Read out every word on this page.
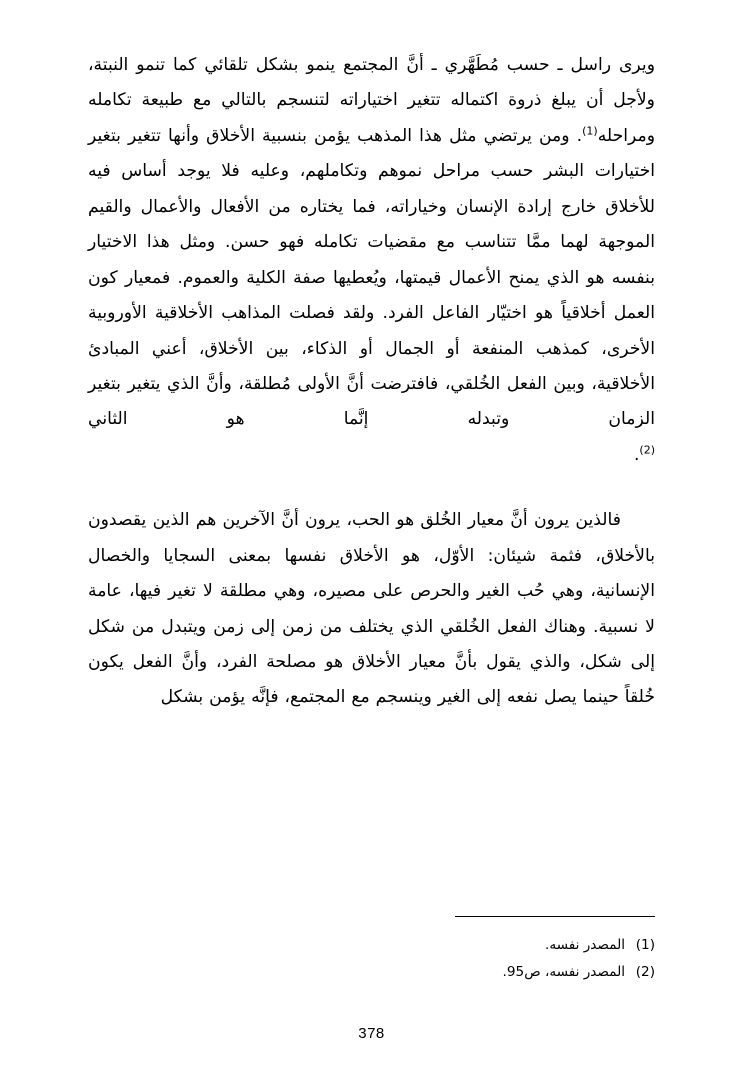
ويرى راسل ـ حسب مُطَهَّري ـ أنَّ المجتمع ينمو بشكل تلقائي كما تنمو النبتة، ولأجل أن يبلغ ذروة اكتماله تتغير اختياراته لتنسجم بالتالي مع طبيعة تكامله ومراحله$^{(1)}$. ومن يرتضي مثل هذا المذهب يؤمن بنسبية الأخلاق وأنها تتغير بتغير اختيارات البشر حسب مراحل نموهم وتكاملهم، وعليه فلا يوجد أساس فيه للأخلاق خارج إرادة الإنسان وخياراته، فما يختاره من الأفعال والأعمال والقيم الموجهة لهما ممَّا تتناسب مع مقضيات تكامله فهو حسن. ومثل هذا الاختيار بنفسه هو الذي يمنح الأعمال قيمتها، ويُعطيها صفة الكلية والعموم. فمعيار كون العمل أخلاقياً هو اختيّار الفاعل الفرد. ولقد فصلت المذاهب الأخلاقية الأوروبية الأخرى، كمذهب المنفعة أو الجمال أو الذكاء، بين الأخلاق، أعني المبادئ الأخلاقية، وبين الفعل الخُلقي، فافترضت أنَّ الأولى مُطلقة، وأنَّ الذي يتغير بتغير الزمان وتبدله إنَّما هو الثاني

$^{(2)}$.

فالذين يرون أنَّ معيار الخُلق هو الحب، يرون أنَّ الآخرين هم الذين يقصدون بالأخلاق، فثمة شيئان: الأوّل، هو الأخلاق نفسها بمعنى السجايا والخصال الإنسانية، وهي حُب الغير والحرص على مصيره، وهي مطلقة لا تغير فيها، عامة لا نسبية. وهناك الفعل الخُلقي الذي يختلف من زمن إلى زمن ويتبدل من شكل إلى شكل، والذي يقول بأنَّ معيار الأخلاق هو مصلحة الفرد، وأنَّ الفعل يكون خُلقاً حينما يصل نفعه إلى الغير وينسجم مع المجتمع، فإنَّه يؤمن بشكل

(1)المصدر نفسه.
(2)المصدر نفسه، ص95.
378
